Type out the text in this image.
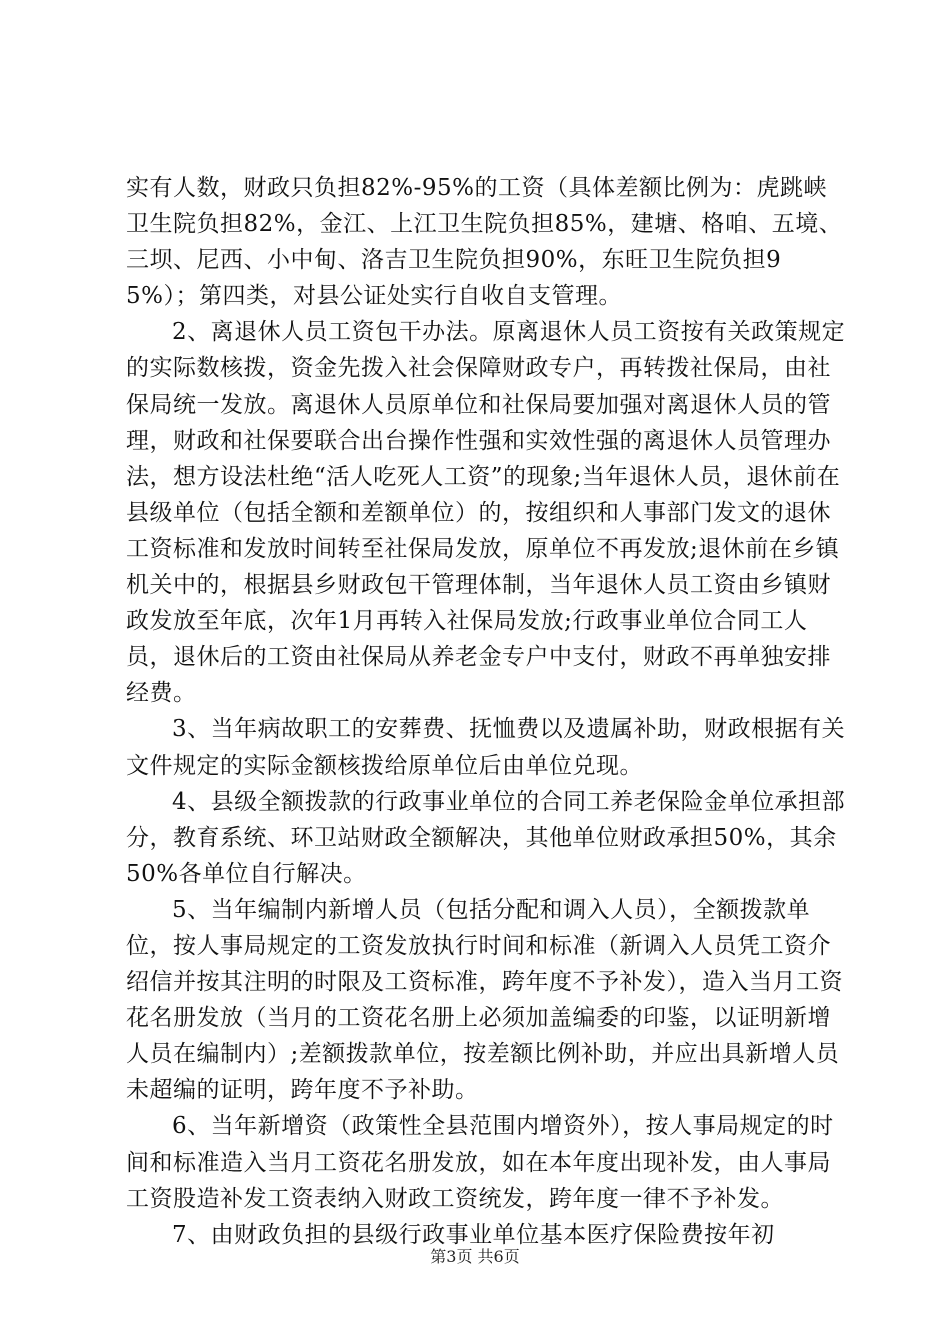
实有人数，财政只负担82%-95%的工资（具体差额比例为：虎跳峡卫生院负担82%，金江、上江卫生院负担85%，建塘、格咱、五境、三坝、尼西、小中甸、洛吉卫生院负担90%，东旺卫生院负担95%）；第四类，对县公证处实行自收自支管理。

2、离退休人员工资包干办法。原离退休人员工资按有关政策规定的实际数核拨，资金先拨入社会保障财政专户，再转拨社保局，由社保局统一发放。离退休人员原单位和社保局要加强对离退休人员的管理，财政和社保要联合出台操作性强和实效性强的离退休人员管理办法，想方设法杜绝“活人吃死人工资”的现象;当年退休人员，退休前在县级单位（包括全额和差额单位）的，按组织和人事部门发文的退休工资标准和发放时间转至社保局发放，原单位不再发放;退休前在乡镇机关中的，根据县乡财政包干管理体制，当年退休人员工资由乡镇财政发放至年底，次年1月再转入社保局发放;行政事业单位合同工人员，退休后的工资由社保局从养老金专户中支付，财政不再单独安排经费。

3、当年病故职工的安葬费、抚恤费以及遗属补助，财政根据有关文件规定的实际金额核拨给原单位后由单位兑现。

4、县级全额拨款的行政事业单位的合同工养老保险金单位承担部分，教育系统、环卫站财政全额解决，其他单位财政承担50%，其余50%各单位自行解决。

5、当年编制内新增人员（包括分配和调入人员），全额拨款单位，按人事局规定的工资发放执行时间和标准（新调入人员凭工资介绍信并按其注明的时限及工资标准，跨年度不予补发），造入当月工资花名册发放（当月的工资花名册上必须加盖编委的印鉴，以证明新增人员在编制内）;差额拨款单位，按差额比例补助，并应出具新增人员未超编的证明，跨年度不予补助。

6、当年新增资（政策性全县范围内增资外），按人事局规定的时间和标准造入当月工资花名册发放，如在本年度出现补发，由人事局工资股造补发工资表纳入财政工资统发，跨年度一律不予补发。

7、由财政负担的县级行政事业单位基本医疗保险费按年初

第3页 共6页
